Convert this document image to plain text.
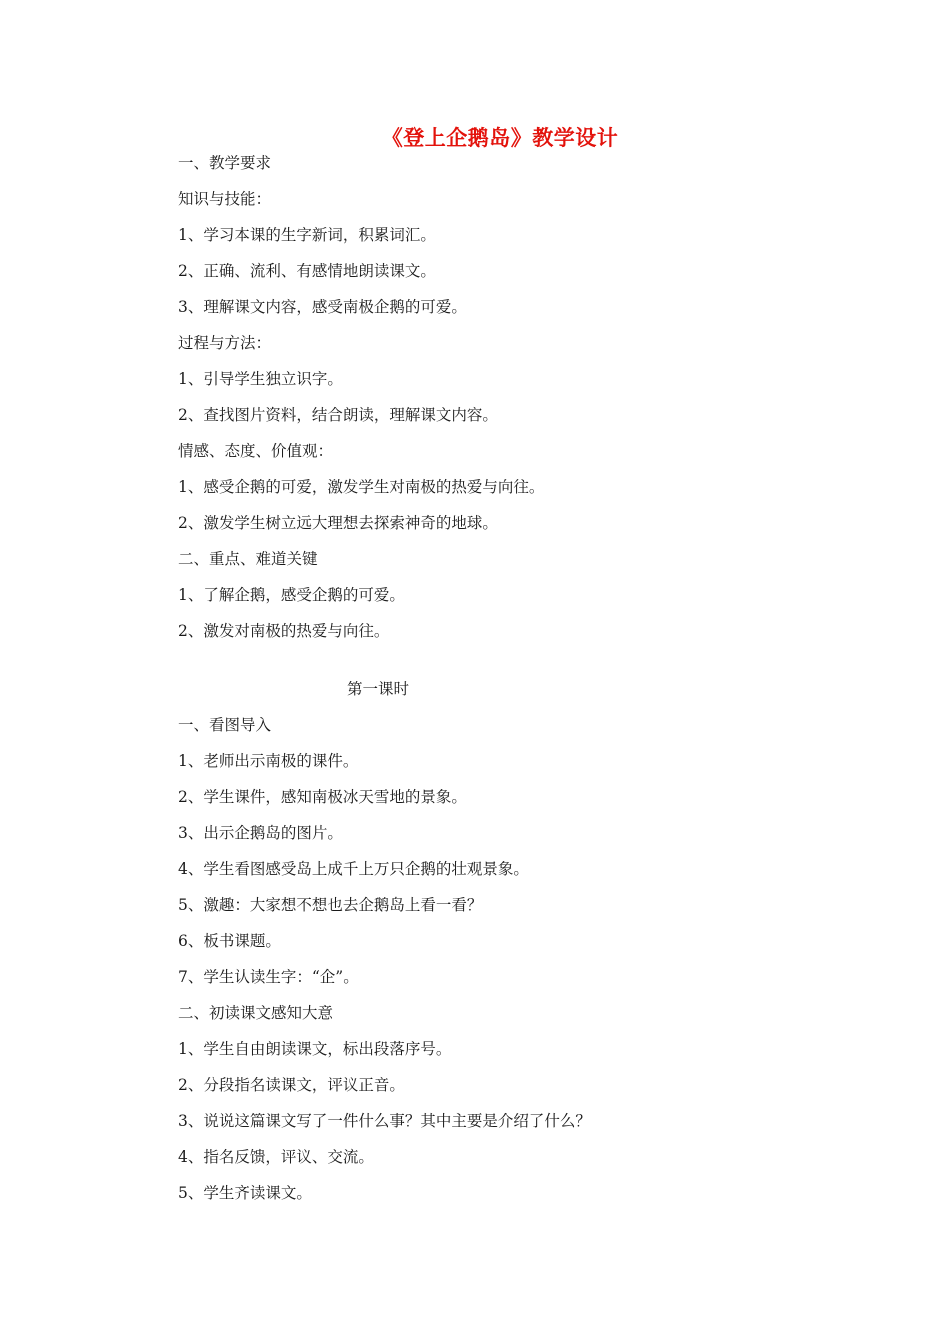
《登上企鹅岛》教学设计
一、教学要求
知识与技能：
1、学习本课的生字新词，积累词汇。
2、正确、流利、有感情地朗读课文。
3、理解课文内容，感受南极企鹅的可爱。
过程与方法：
1、引导学生独立识字。
2、查找图片资料，结合朗读，理解课文内容。
情感、态度、价值观：
1、感受企鹅的可爱，激发学生对南极的热爱与向往。
2、激发学生树立远大理想去探索神奇的地球。
二、重点、难道关键
1、了解企鹅，感受企鹅的可爱。
2、激发对南极的热爱与向往。
第一课时
一、看图导入
1、老师出示南极的课件。
2、学生课件，感知南极冰天雪地的景象。
3、出示企鹅岛的图片。
4、学生看图感受岛上成千上万只企鹅的壮观景象。
5、激趣：大家想不想也去企鹅岛上看一看？
6、板书课题。
7、学生认读生字：“企”。
二、初读课文感知大意
1、学生自由朗读课文，标出段落序号。
2、分段指名读课文，评议正音。
3、说说这篇课文写了一件什么事？其中主要是介绍了什么？
4、指名反馈，评议、交流。
5、学生齐读课文。
